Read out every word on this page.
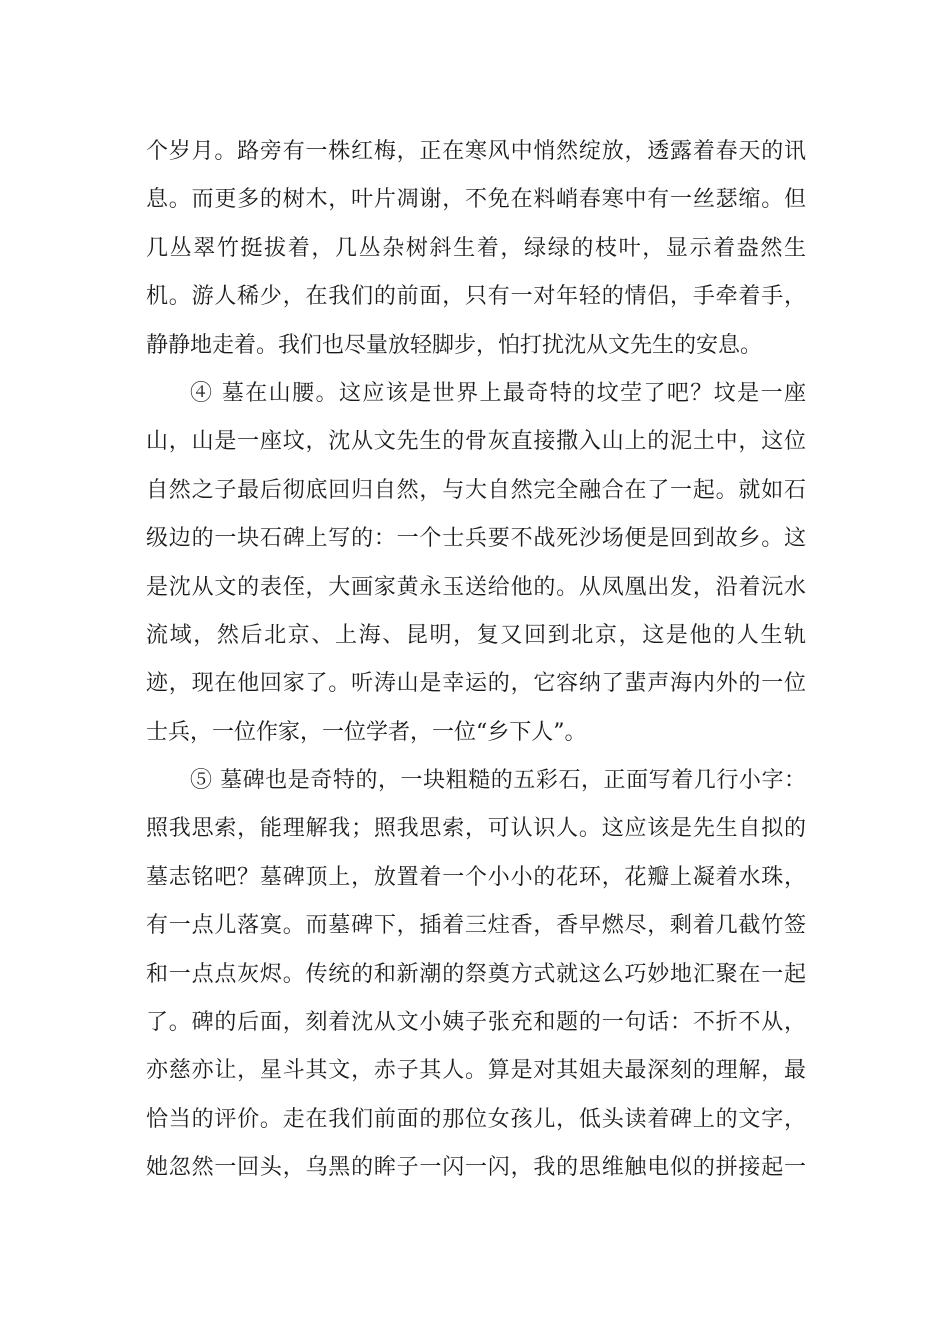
个岁月。路旁有一株红梅，正在寒风中悄然绽放，透露着春天的讯
息。而更多的树木，叶片凋谢，不免在料峭春寒中有一丝瑟缩。但
几丛翠竹挺拔着，几丛杂树斜生着，绿绿的枝叶，显示着盎然生
机。游人稀少，在我们的前面，只有一对年轻的情侣，手牵着手，
静静地走着。我们也尽量放轻脚步，怕打扰沈从文先生的安息。
④ 墓在山腰。这应该是世界上最奇特的坟茔了吧？坟是一座
山，山是一座坟，沈从文先生的骨灰直接撒入山上的泥土中，这位
自然之子最后彻底回归自然，与大自然完全融合在了一起。就如石
级边的一块石碑上写的：一个士兵要不战死沙场便是回到故乡。这
是沈从文的表侄，大画家黄永玉送给他的。从凤凰出发，沿着沅水
流域，然后北京、上海、昆明，复又回到北京，这是他的人生轨
迹，现在他回家了。听涛山是幸运的，它容纳了蜚声海内外的一位
士兵，一位作家，一位学者，一位“乡下人”。
⑤ 墓碑也是奇特的，一块粗糙的五彩石，正面写着几行小字：
照我思索，能理解我；照我思索，可认识人。这应该是先生自拟的
墓志铭吧？墓碑顶上，放置着一个小小的花环，花瓣上凝着水珠，
有一点儿落寞。而墓碑下，插着三炷香，香早燃尽，剩着几截竹签
和一点点灰烬。传统的和新潮的祭奠方式就这么巧妙地汇聚在一起
了。碑的后面，刻着沈从文小姨子张充和题的一句话：不折不从，
亦慈亦让，星斗其文，赤子其人。算是对其姐夫最深刻的理解，最
恰当的评价。走在我们前面的那位女孩儿，低头读着碑上的文字，
她忽然一回头，乌黑的眸子一闪一闪，我的思维触电似的拼接起一
